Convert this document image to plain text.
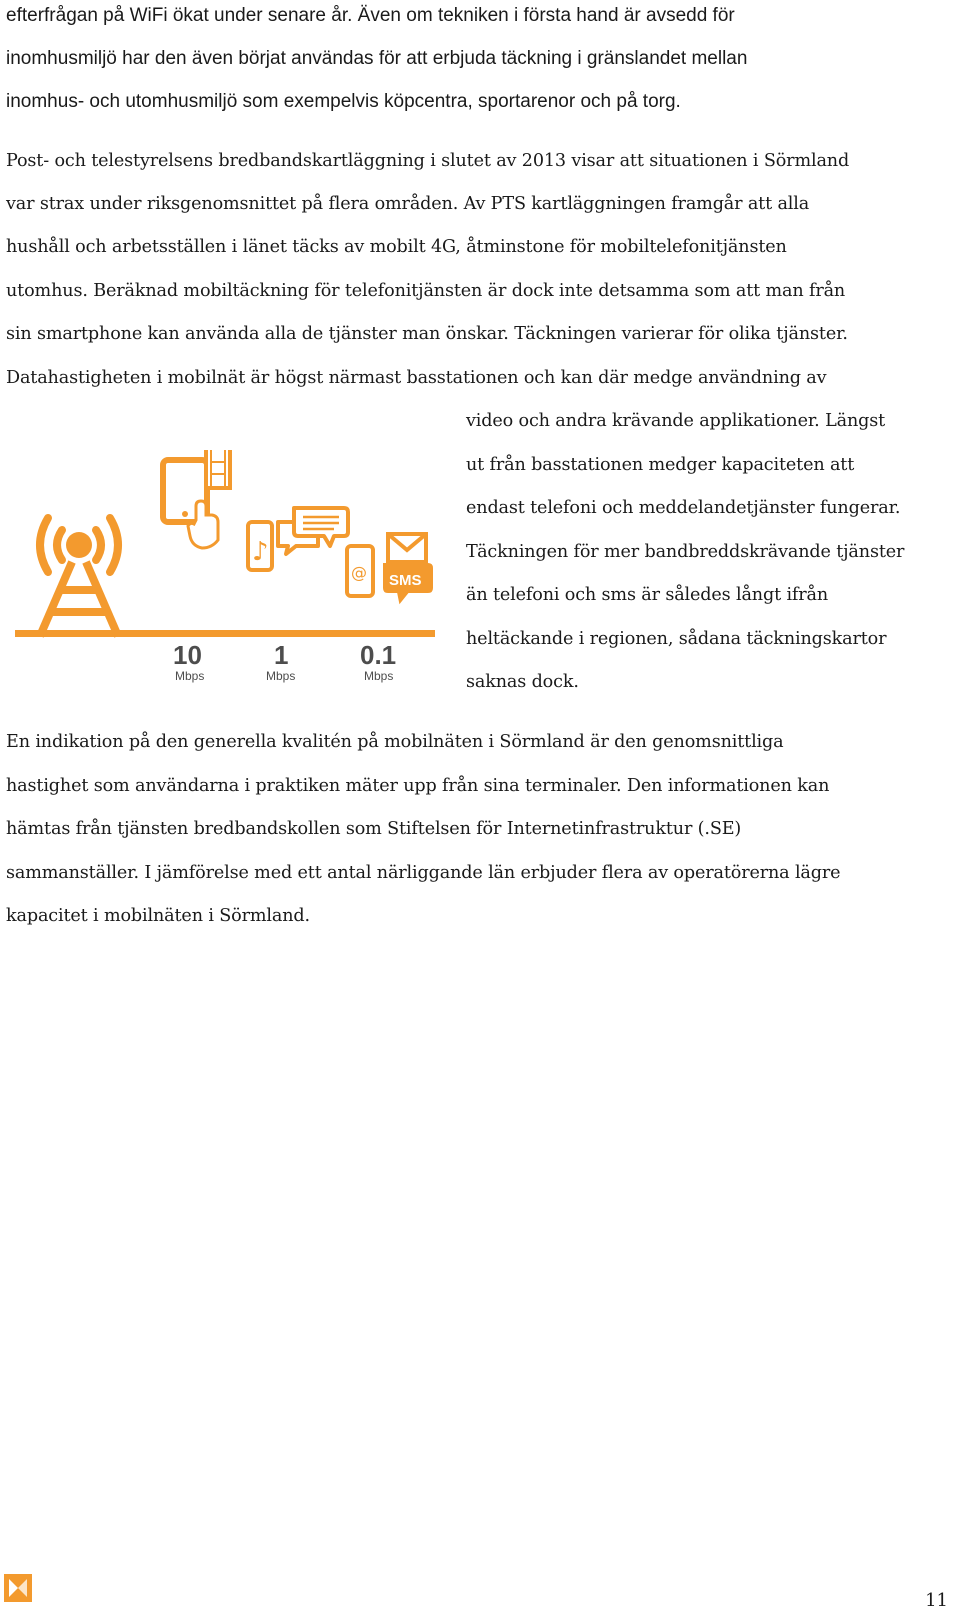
efterfrågan på WiFi ökat under senare år. Även om tekniken i första hand är avsedd för
inomhusmiljö har den även börjat användas för att erbjuda täckning i gränslandet mellan
inomhus- och utomhusmiljö som exempelvis köpcentra, sportarenor och på torg.
Post- och telestyrelsens bredbandskartläggning i slutet av 2013 visar att situationen i Sörmland
var strax under riksgenomsnittet på flera områden. Av PTS kartläggningen framgår att alla
hushåll och arbetsställen i länet täcks av mobilt 4G, åtminstone för mobiltelefonitjänsten
utomhus. Beräknad mobiltäckning för telefonitjänsten är dock inte detsamma som att man från
sin smartphone kan använda alla de tjänster man önskar. Täckningen varierar för olika tjänster.
Datahastigheten i mobilnät är högst närmast basstationen och kan där medge användning av
video och andra krävande applikationer. Längst
ut från basstationen medger kapaciteten att
endast telefoni och meddelandetjänster fungerar.
Täckningen för mer bandbreddskrävande tjänster
än telefoni och sms är således långt ifrån
heltäckande i regionen, sådana täckningskartor
saknas dock.
♪
@ SMS
10
Mbps
1
Mbps
0.1
Mbps
En indikation på den generella kvalitén på mobilnäten i Sörmland är den genomsnittliga
hastighet som användarna i praktiken mäter upp från sina terminaler. Den informationen kan
hämtas från tjänsten bredbandskollen som Stiftelsen för Internetinfrastruktur (.SE)
sammanställer. I jämförelse med ett antal närliggande län erbjuder flera av operatörerna lägre
kapacitet i mobilnäten i Sörmland.
11
